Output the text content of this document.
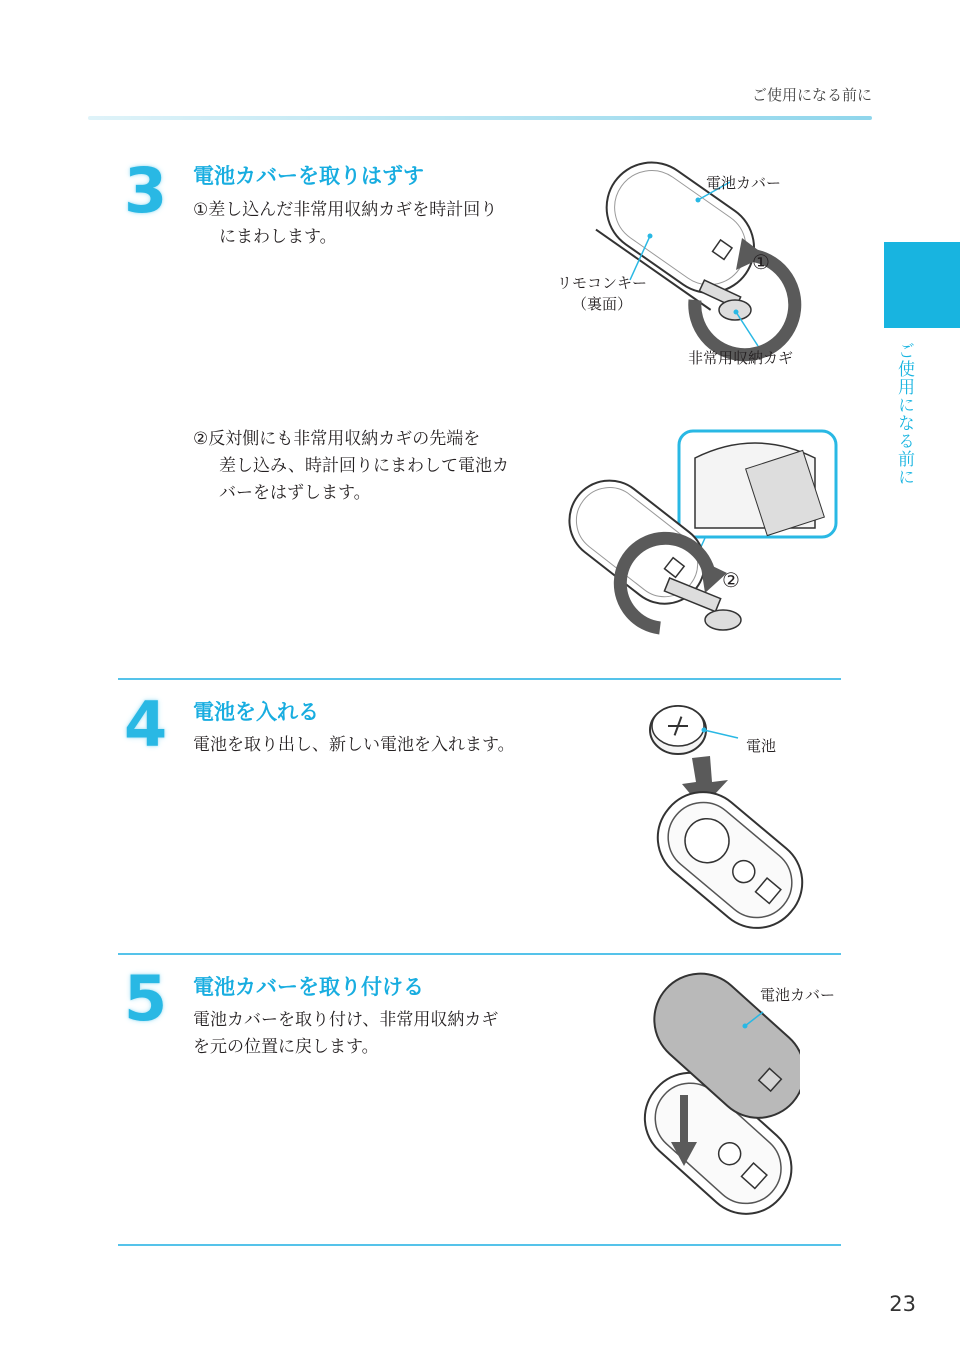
ご使用になる前に
ご使用になる前に
3 電池カバーを取りはずす
①差し込んだ非常用収納カギを時計回り
にまわします。
②反対側にも非常用収納カギの先端を
差し込み、時計回りにまわして電池カ
バーをはずします。
電池カバー
①
リモコンキー
（裏面）
非常用収納カギ
②
4 電池を入れる
電池を取り出し、新しい電池を入れます。	電池
5 電池カバーを取り付ける
電池カバーを取り付け、非常用収納カギ
を元の位置に戻します。
電池カバー
23
